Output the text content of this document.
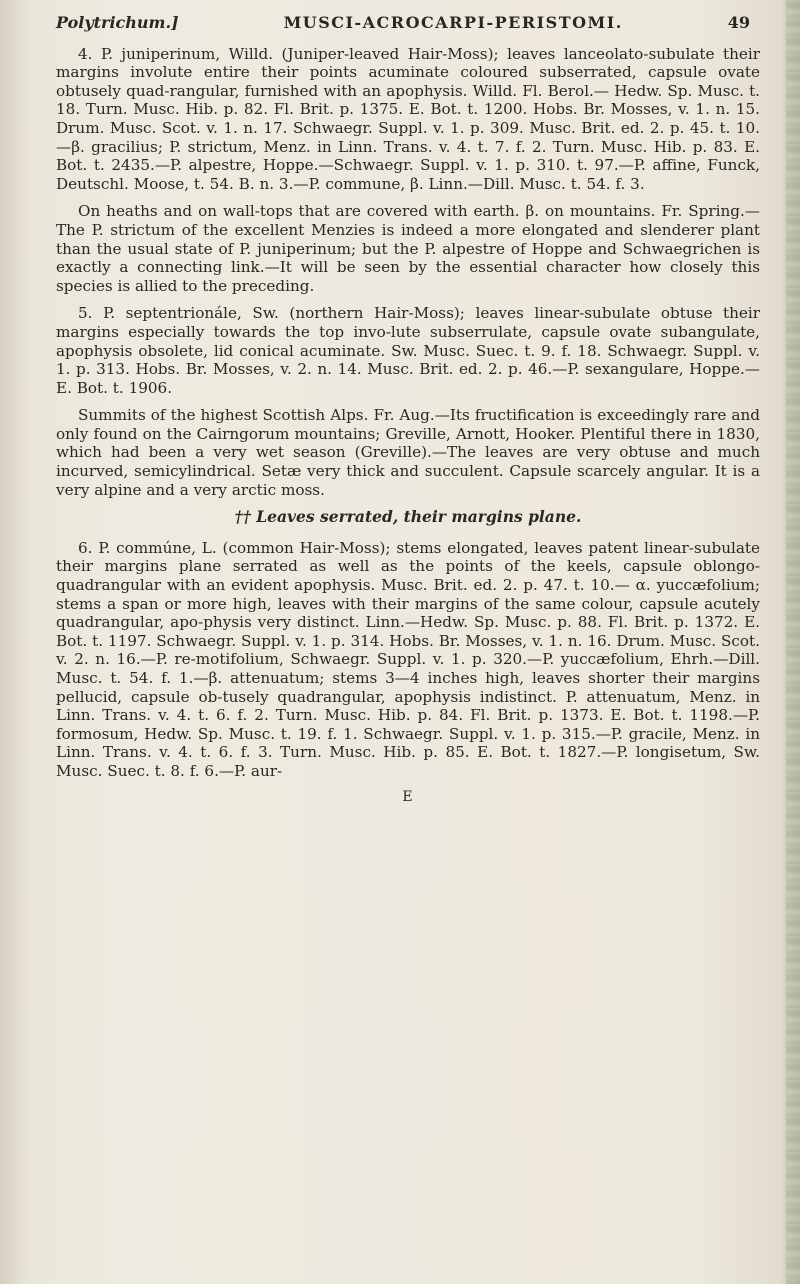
Polytrichum.]	MUSCI-ACROCARPI-PERISTOMI.	49

4. P. juniperinum, Willd. (Juniper-leaved Hair-Moss); leaves lanceolato-subulate their margins involute entire their points acuminate coloured subserrated, capsule ovate obtusely quad-rangular, furnished with an apophysis. Willd. Fl. Berol.— Hedw. Sp. Musc. t. 18. Turn. Musc. Hib. p. 82. Fl. Brit. p. 1375. E. Bot. t. 1200. Hobs. Br. Mosses, v. 1. n. 15. Drum. Musc. Scot. v. 1. n. 17. Schwaegr. Suppl. v. 1. p. 309. Musc. Brit. ed. 2. p. 45. t. 10.—β. gracilius; P. strictum, Menz. in Linn. Trans. v. 4. t. 7. f. 2. Turn. Musc. Hib. p. 83. E. Bot. t. 2435.—P. alpestre, Hoppe.—Schwaegr. Suppl. v. 1. p. 310. t. 97.—P. affine, Funck, Deutschl. Moose, t. 54. B. n. 3.—P. commune, β. Linn.—Dill. Musc. t. 54. f. 3.

On heaths and on wall-tops that are covered with earth. β. on mountains. Fr. Spring.—The P. strictum of the excellent Menzies is indeed a more elongated and slenderer plant than the usual state of P. juniperinum; but the P. alpestre of Hoppe and Schwaegrichen is exactly a connecting link.—It will be seen by the essential character how closely this species is allied to the preceding.

5. P. septentrionále, Sw. (northern Hair-Moss); leaves linear-subulate obtuse their margins especially towards the top invo-lute subserrulate, capsule ovate subangulate, apophysis obsolete, lid conical acuminate. Sw. Musc. Suec. t. 9. f. 18. Schwaegr. Suppl. v. 1. p. 313. Hobs. Br. Mosses, v. 2. n. 14. Musc. Brit. ed. 2. p. 46.—P. sexangulare, Hoppe.—E. Bot. t. 1906.

Summits of the highest Scottish Alps. Fr. Aug.—Its fructification is exceedingly rare and only found on the Cairngorum mountains; Greville, Arnott, Hooker. Plentiful there in 1830, which had been a very wet season (Greville).—The leaves are very obtuse and much incurved, semicylindrical. Setæ very thick and succulent. Capsule scarcely angular. It is a very alpine and a very arctic moss.

†† Leaves serrated, their margins plane.

6. P. commúne, L. (common Hair-Moss); stems elongated, leaves patent linear-subulate their margins plane serrated as well as the points of the keels, capsule oblongo-quadrangular with an evident apophysis. Musc. Brit. ed. 2. p. 47. t. 10.— α. yuccæfolium; stems a span or more high, leaves with their margins of the same colour, capsule acutely quadrangular, apo-physis very distinct. Linn.—Hedw. Sp. Musc. p. 88. Fl. Brit. p. 1372. E. Bot. t. 1197. Schwaegr. Suppl. v. 1. p. 314. Hobs. Br. Mosses, v. 1. n. 16. Drum. Musc. Scot. v. 2. n. 16.—P. re-motifolium, Schwaegr. Suppl. v. 1. p. 320.—P. yuccæfolium, Ehrh.—Dill. Musc. t. 54. f. 1.—β. attenuatum; stems 3—4 inches high, leaves shorter their margins pellucid, capsule ob-tusely quadrangular, apophysis indistinct. P. attenuatum, Menz. in Linn. Trans. v. 4. t. 6. f. 2. Turn. Musc. Hib. p. 84. Fl. Brit. p. 1373. E. Bot. t. 1198.—P. formosum, Hedw. Sp. Musc. t. 19. f. 1. Schwaegr. Suppl. v. 1. p. 315.—P. gracile, Menz. in Linn. Trans. v. 4. t. 6. f. 3. Turn. Musc. Hib. p. 85. E. Bot. t. 1827.—P. longisetum, Sw. Musc. Suec. t. 8. f. 6.—P. aur-

E
